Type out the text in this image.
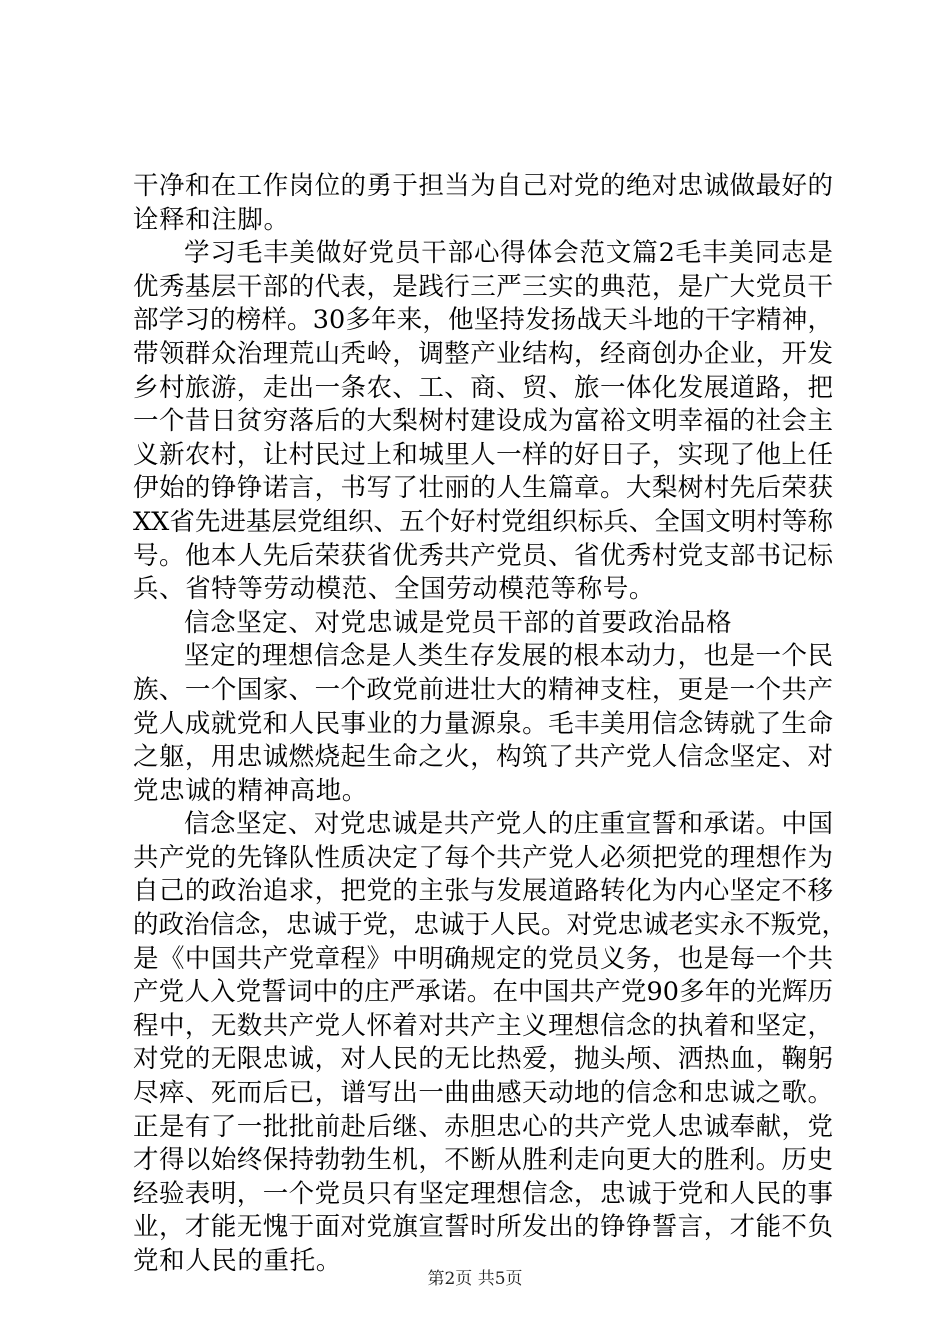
干净和在工作岗位的勇于担当为自己对党的绝对忠诚做最好的
诠释和注脚。
学习毛丰美做好党员干部心得体会范文篇2毛丰美同志是
优秀基层干部的代表，是践行三严三实的典范，是广大党员干
部学习的榜样。30多年来，他坚持发扬战天斗地的干字精神，
带领群众治理荒山秃岭，调整产业结构，经商创办企业，开发
乡村旅游，走出一条农、工、商、贸、旅一体化发展道路，把
一个昔日贫穷落后的大梨树村建设成为富裕文明幸福的社会主
义新农村，让村民过上和城里人一样的好日子，实现了他上任
伊始的铮铮诺言，书写了壮丽的人生篇章。大梨树村先后荣获
XX省先进基层党组织、五个好村党组织标兵、全国文明村等称
号。他本人先后荣获省优秀共产党员、省优秀村党支部书记标
兵、省特等劳动模范、全国劳动模范等称号。
信念坚定、对党忠诚是党员干部的首要政治品格
坚定的理想信念是人类生存发展的根本动力，也是一个民
族、一个国家、一个政党前进壮大的精神支柱，更是一个共产
党人成就党和人民事业的力量源泉。毛丰美用信念铸就了生命
之躯，用忠诚燃烧起生命之火，构筑了共产党人信念坚定、对
党忠诚的精神高地。
信念坚定、对党忠诚是共产党人的庄重宣誓和承诺。中国
共产党的先锋队性质决定了每个共产党人必须把党的理想作为
自己的政治追求，把党的主张与发展道路转化为内心坚定不移
的政治信念，忠诚于党，忠诚于人民。对党忠诚老实永不叛党，
是《中国共产党章程》中明确规定的党员义务，也是每一个共
产党人入党誓词中的庄严承诺。在中国共产党90多年的光辉历
程中，无数共产党人怀着对共产主义理想信念的执着和坚定，
对党的无限忠诚，对人民的无比热爱，抛头颅、洒热血，鞠躬
尽瘁、死而后已，谱写出一曲曲感天动地的信念和忠诚之歌。
正是有了一批批前赴后继、赤胆忠心的共产党人忠诚奉献，党
才得以始终保持勃勃生机，不断从胜利走向更大的胜利。历史
经验表明，一个党员只有坚定理想信念，忠诚于党和人民的事
业，才能无愧于面对党旗宣誓时所发出的铮铮誓言，才能不负
党和人民的重托。
第2页 共5页
